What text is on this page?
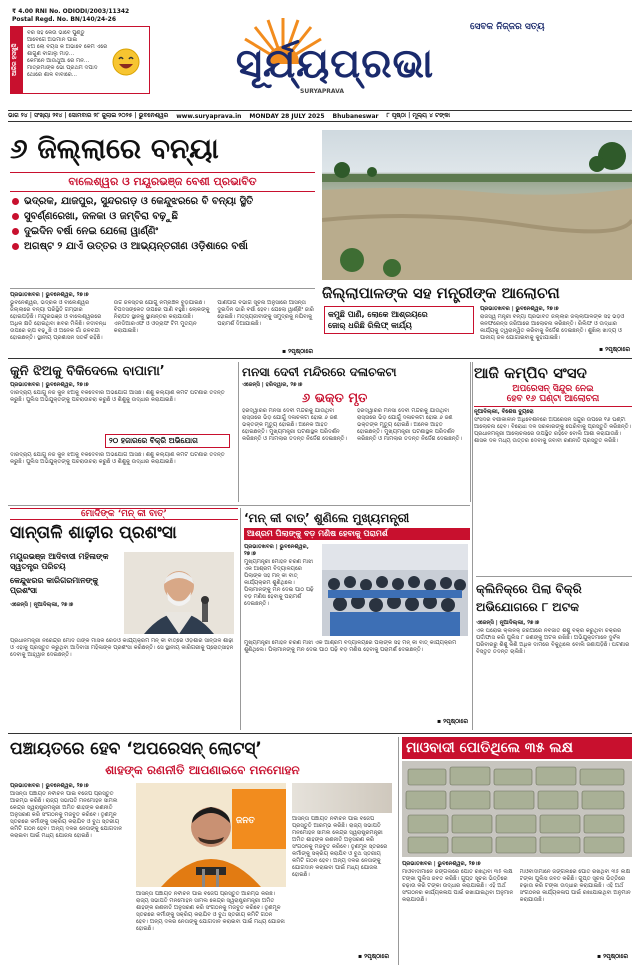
₹ 4.00 RNI No. ODIODI/2003/11342
Postal Regd. No. BN/140/24-26
ଆଜିର ହସଖୁସି
ବର ସହ କେଉଁ ଭାବେ ପୁଣ୍ଡୁ
ଆବେଗେ ଅଭିମାନ ପାଇ
ଝିଅ ଲୋ ବୟସ କି ଅଭାବେ କେମ ଏରେ
ଶାଗୁଣି ବାଗାଲୁ ମାଡ଼ି...
କେମନେ ଆଉଥୁଆ ରେ ମନ...
ମାତ୍ରିମାଙ୍କ ଭୋ ପ୍ରଥମ ଦିପାଦ
ଥୋରେ ଶାଳି ବାବାରେ...	ସୂର୍ଯ୍ୟପ୍ରଭା
SURYAPRAVA
ସେବକ ନିଜ୍ଜର ସତ୍ୟ
ଭାଗ ୨୪ | ସଂଖ୍ୟା ୨୧୪ | ସୋମବାର ୨୮ ଜୁଲାଇ ୨୦୨୫ | ଭୁବନେଶ୍ୱର www.suryaprava.in MONDAY 28 JULY 2025 Bhubaneswar ୮ ପୃଷ୍ଠା | ମୂଲ୍ୟ ୪ ଟଙ୍କା
୬ ଜିଲ୍ଲାରେ ବନ୍ୟା
ବାଲେଶ୍ୱର ଓ ମୟୂରଭଞ୍ଜ ବେଶୀ ପ୍ରଭାବିତ
ଭଦ୍ରକ, ଯାଜପୁର, ସୁନ୍ଦରଗଡ଼ ଓ କେନ୍ଦୁଝରରେ ବି ବନ୍ୟା ସ୍ଥିତି
ସୁବର୍ଣ୍ଣରେଖା, ଜଳକା ଓ ଜମ୍ବିରା ବଢ଼ୁଛି
ଦୁଇଦିନ ବର୍ଷା ନେଇ ଯେଲୋ ୱାର୍ଣ୍ଣିଂ
ଅଗଷ୍ଟ ୨ ଯାଏଁ ଉତ୍ତର ଓ ଆଭ୍ୟନ୍ତରୀଣ ଓଡ଼ିଶାରେ ବର୍ଷା
ପ୍ରଭାତଖବର | ଭୁବନେଶ୍ୱର, ୨୭।୭
ଭୁବନେଶ୍ୱର, ଭଦ୍ରକ ଓ ବାଲେଶ୍ୱର ଜିଲ୍ଲାରେ ବନ୍ୟା ପରିସ୍ଥିତି ଗମ୍ଭୀର ହୋଇପଡ଼ିଛି। ମୟୂରଭଞ୍ଜ ଓ ବାଲେଶ୍ୱରରେ ଅଧିକ କ୍ଷତି ହୋଇଥିବା ଖବର ମିଳିଛି। ନଦୀବନ୍ଧ ଉପରେ ଚାପ ବଢ଼ୁଛି ଓ ଅନେକ ଗାଁ ଜଳବନ୍ଦୀ ହୋଇଛନ୍ତି। ସ୍ଥାନୀୟ ପ୍ରଶାସନ ସତର୍କ ରହିଛି।
ଉଚ୍ଚ ଜଳସ୍ତର ଯୋଗୁଁ ନିମ୍ନାଞ୍ଚଳ ବୁଡ଼ିଯାଇଛି। ବିପଦସଙ୍କେତ ଉପରେ ପାଣି ବହୁଛି। ଲୋକଙ୍କୁ ନିରାପଦ ସ୍ଥାନକୁ ସ୍ଥାନାନ୍ତର କରାଯାଉଛି। ଏନଡିଆରଏଫ ଓ ଓଡ୍ରାଫ ଟିମ ମୁତୟନ କରାଯାଇଛି।
ପାଣିପାଗ ବିଭାଗ ସୂଚନା ଅନୁସାରେ ଆସନ୍ତା ଦୁଇଦିନ ଭାରି ବର୍ଷା ହେବ। ଯେଲୋ ୱାର୍ଣ୍ଣିଂ ଜାରି ହୋଇଛି। ମତ୍ସ୍ୟଜୀବୀଙ୍କୁ ସମୁଦ୍ରକୁ ନଯିବାକୁ ପରାମର୍ଶ ଦିଆଯାଇଛି।
▪ ୨ପୃଷ୍ଠାରେ
ଜିଲ୍ଲାପାଳଙ୍କ ସହ ମନ୍ତ୍ରୀଙ୍କ ଆଲୋଚନା
କମୁଛି ପାଣି, ଲୋକେ ଆଶ୍ରୟରେ
ଜୋର୍ ଧରିଛି ରିଲିଫ୍ କାର୍ଯ୍ୟ
ପ୍ରଭାତଖବର | ଭୁବନେଶ୍ୱର, ୨୭।୭
ରାଜସ୍ୱ ମନ୍ତ୍ରୀ ବନ୍ୟା ପ୍ରଭାବିତ ଜିଲ୍ଲାର ଜିଲ୍ଲାପାଳଙ୍କ ସହ ଭିଡ଼ିଓ କନଫରେନ୍ସ ଜରିଆରେ ଆଲୋଚନା କରିଛନ୍ତି। ରିଲିଫ ଓ ଉଦ୍ଧାର କାର୍ଯ୍ୟକୁ ତ୍ୱରାନ୍ୱିତ କରିବାକୁ ନିର୍ଦ୍ଦେଶ ଦେଇଛନ୍ତି। ଶୁଖିଲା ଖାଦ୍ୟ ଓ ପାନୀୟ ଜଳ ଯୋଗାଇବାକୁ କୁହାଯାଇଛି।
▪ ୨ପୃଷ୍ଠାରେ
କୁନି ଝିଅକୁ ବିକିଦେଲେ ବାପାମା’
ପ୍ରଭାତଖବର | ଭୁବନେଶ୍ୱର, ୨୭।୭
ଦାରିଦ୍ର୍ୟ ଯୋଗୁଁ ନିଜ କୁନି ଝିଅକୁ ବିକିଦେବାର ଅଭିଯୋଗ ଆସିଛି। ଶିଶୁ କଲ୍ୟାଣ କମିଟି ଘଟଣାର ତଦନ୍ତ କରୁଛି। ପୁଲିସ ଅଭିଯୁକ୍ତଙ୍କୁ ପଚରାଉଚରା କରୁଛି ଓ ଶିଶୁକୁ ଉଦ୍ଧାର କରାଯାଇଛି।
୨୦ ହଜାରରେ ବିକ୍ରି ଅଭିଯୋଗ
ଦାରିଦ୍ର୍ୟ ଯୋଗୁଁ ନିଜ କୁନି ଝିଅକୁ ବିକିଦେବାର ଅଭିଯୋଗ ଆସିଛି। ଶିଶୁ କଲ୍ୟାଣ କମିଟି ଘଟଣାର ତଦନ୍ତ କରୁଛି। ପୁଲିସ ଅଭିଯୁକ୍ତଙ୍କୁ ପଚରାଉଚରା କରୁଛି ଓ ଶିଶୁକୁ ଉଦ୍ଧାର କରାଯାଇଛି।
ମନସା ଦେବୀ ମନ୍ଦିରରେ ଦଳାଚକଟା
ଏଜେନ୍ସି | ହରିଦ୍ୱାର, ୨୭।୭
୬ ଭକ୍ତ ମୃତ
ହରିଦ୍ୱାରର ମନସା ଦେବୀ ମନ୍ଦିରକୁ ଯାଉଥିବା ରାସ୍ତାରେ ଭିଡ଼ ଯୋଗୁଁ ଦଳାଚକଟା ହୋଇ ୬ ଜଣ ଭକ୍ତଙ୍କ ମୃତ୍ୟୁ ହୋଇଛି। ଅନେକ ଆହତ ହୋଇଛନ୍ତି। ମୁଖ୍ୟମନ୍ତ୍ରୀ ଘଟଣାସ୍ଥଳ ପରିଦର୍ଶନ କରିଛନ୍ତି ଓ ମାମଲାର ତଦନ୍ତ ନିର୍ଦ୍ଦେଶ ଦେଇଛନ୍ତି।
ହରିଦ୍ୱାରର ମନସା ଦେବୀ ମନ୍ଦିରକୁ ଯାଉଥିବା ରାସ୍ତାରେ ଭିଡ଼ ଯୋଗୁଁ ଦଳାଚକଟା ହୋଇ ୬ ଜଣ ଭକ୍ତଙ୍କ ମୃତ୍ୟୁ ହୋଇଛି। ଅନେକ ଆହତ ହୋଇଛନ୍ତି। ମୁଖ୍ୟମନ୍ତ୍ରୀ ଘଟଣାସ୍ଥଳ ପରିଦର୍ଶନ କରିଛନ୍ତି ଓ ମାମଲାର ତଦନ୍ତ ନିର୍ଦ୍ଦେଶ ଦେଇଛନ୍ତି।
ଆଜି କମ୍ପିବ ସଂସଦ
ଅପରେସନ୍ ସିନ୍ଦୁର ନେଇ
ହେବ ୧୬ ଘଣ୍ଟା ଆଲୋଚନା
ନୂଆଦିଲ୍ଲୀ, ବିଶେଷ ବ୍ୟୁରୋ
ସଂସଦର ବର୍ଷାକାଳୀନ ଅଧିବେଶନରେ ଅପରେସନ ସିନ୍ଦୁର ଉପରେ ୧୬ ଘଣ୍ଟା ଆଲୋଚନା ହେବ। ବିରୋଧୀ ଦଳ ସରକାରଙ୍କୁ ଘେରିବାକୁ ପ୍ରସ୍ତୁତି କରିଛନ୍ତି। ପ୍ରଧାନମନ୍ତ୍ରୀ ଆଲୋଚନାରେ ଉପସ୍ଥିତ ରହିବେ ବୋଲି ଆଶା କରାଯାଉଛି। ଶାସକ ଦଳ ମଧ୍ୟ ଉତ୍ତର ଦେବାକୁ ଜବାବୀ ରଣନୀତି ପ୍ରସ୍ତୁତ କରିଛି।
ମୋଦିଙ୍କ ‘ମନ୍ କୀ ବାତ୍’
ସାନ୍ତାଳି ଶାଢ଼ୀର ପ୍ରଶଂସା
ମୟୂରଭଞ୍ଜ ଆଦିବାସୀ ମହିଳାଙ୍କ ସ୍ୱତନ୍ତ୍ର ପରିଚୟ
କେନ୍ଦୁଝରର କାରିଗରମାନଙ୍କୁ ପ୍ରଶଂସା
ଏଜେନ୍ସି | ନୂଆଦିଲ୍ଲୀ, ୨୭।୭
ପ୍ରଧାନମନ୍ତ୍ରୀ ନରେନ୍ଦ୍ର ମୋଦି ତାଙ୍କ ମାସିକ ରେଡିଓ କାର୍ଯ୍ୟକ୍ରମ ମନ୍ କୀ ବାତ୍‌ରେ ଓଡ଼ିଶାର ସାନ୍ତାଳି ଶାଢ଼ୀ ଓ ଏହାକୁ ପ୍ରସ୍ତୁତ କରୁଥିବା ଆଦିବାସୀ ମହିଳାଙ୍କ ପ୍ରଶଂସା କରିଛନ୍ତି। ସେ ସ୍ଥାନୀୟ କାରିଗରୀକୁ ପ୍ରୋତ୍ସାହନ ଦେବାକୁ ଆହ୍ୱାନ ଦେଇଛନ୍ତି।
‘ମନ୍ କୀ ବାତ୍’ ଶୁଣିଲେ ମୁଖ୍ୟମନ୍ତ୍ରୀ
ଆଶ୍ରମ ପିଲାଙ୍କୁ ବଡ଼ ମଣିଷ ହେବାକୁ ପରାମର୍ଶ
ପ୍ରଭାତଖବର | ଭୁବନେଶ୍ୱର, ୨୭।୭
ମୁଖ୍ୟମନ୍ତ୍ରୀ ମୋହନ ଚରଣ ମାଝୀ ଏକ ଆଶ୍ରମ ବିଦ୍ୟାଳୟରେ ପିଲାଙ୍କ ସହ ମନ୍ କୀ ବାତ୍ କାର୍ଯ୍ୟକ୍ରମ ଶୁଣିଥିଲେ। ପିଲାମାନଙ୍କୁ ମନ ଦେଇ ପାଠ ପଢ଼ି ବଡ଼ ମଣିଷ ହେବାକୁ ପରାମର୍ଶ ଦେଇଛନ୍ତି।
ମୁଖ୍ୟମନ୍ତ୍ରୀ ମୋହନ ଚରଣ ମାଝୀ ଏକ ଆଶ୍ରମ ବିଦ୍ୟାଳୟରେ ପିଲାଙ୍କ ସହ ମନ୍ କୀ ବାତ୍ କାର୍ଯ୍ୟକ୍ରମ ଶୁଣିଥିଲେ। ପିଲାମାନଙ୍କୁ ମନ ଦେଇ ପାଠ ପଢ଼ି ବଡ଼ ମଣିଷ ହେବାକୁ ପରାମର୍ଶ ଦେଇଛନ୍ତି।
▪ ୨ପୃଷ୍ଠାରେ
କ୍ଲିନିକ୍‌ରେ ପିଲା ବିକ୍ରି ଅଭିଯୋଗରେ ୮ ଅଟକ
ଏଜେନ୍ସି | ନୂଆଦିଲ୍ଲୀ, ୨୭।୭
ଏକ ଘରୋଇ କ୍ଲିନିକ୍ ଜରିଆରେ ନବଜାତ ଶିଶୁ ବିକ୍ରି କରୁଥିବା ଚକ୍ରର ପର୍ଦ୍ଦାଫାସ କରି ପୁଲିସ ୮ ଜଣଙ୍କୁ ଅଟକ ରଖିଛି। ଅଭିଯୁକ୍ତମାନେ ଦୁର୍ବଳ ପରିବାରରୁ ଶିଶୁ କିଣି ଅଧିକ ଦାମରେ ବିକୁଥିଲେ ବୋଲି ଜଣାପଡ଼ିଛି। ଘଟଣାର ବିସ୍ତୃତ ତଦନ୍ତ ଚାଲିଛି।
ପଞ୍ଚାୟତରେ ହେବ ‘ଅପରେସନ୍ ଲୋଟସ୍’
ଶାହଙ୍କ ରଣନୀତି ଆପଣାଇବେ ମନମୋହନ
ପ୍ରଭାତଖବର | ଭୁବନେଶ୍ୱର, ୨୭।୭
ଆସନ୍ତା ପଞ୍ଚାୟତ ନିର୍ବାଚନ ପାଇଁ ବିଜେପି ପ୍ରସ୍ତୁତି ଆରମ୍ଭ କରିଛି। ରାଜ୍ୟ ସଭାପତି ମନମୋହନ ସାମଲ କେନ୍ଦ୍ର ସ୍ୱରାଷ୍ଟ୍ରମନ୍ତ୍ରୀ ଅମିତ ଶାହଙ୍କ ରଣନୀତି ଅନୁସରଣ କରି ସଂଗଠନକୁ ମଜବୁତ କରିବେ। ତୃଣମୂଳ ସ୍ତରରେ କର୍ମୀଙ୍କୁ ସକ୍ରିୟ କରାଯିବ ଓ ବୁଥ ସ୍ତରୀୟ କମିଟି ଗଠନ ହେବ। ଅନ୍ୟ ଦଳର ନେତାଙ୍କୁ ଯୋଗଦାନ କରାଇବା ପାଇଁ ମଧ୍ୟ ଯୋଜନା ହୋଇଛି।
ଜନତ
ଆସନ୍ତା ପଞ୍ଚାୟତ ନିର୍ବାଚନ ପାଇଁ ବିଜେପି ପ୍ରସ୍ତୁତି ଆରମ୍ଭ କରିଛି। ରାଜ୍ୟ ସଭାପତି ମନମୋହନ ସାମଲ କେନ୍ଦ୍ର ସ୍ୱରାଷ୍ଟ୍ରମନ୍ତ୍ରୀ ଅମିତ ଶାହଙ୍କ ରଣନୀତି ଅନୁସରଣ କରି ସଂଗଠନକୁ ମଜବୁତ କରିବେ। ତୃଣମୂଳ ସ୍ତରରେ କର୍ମୀଙ୍କୁ ସକ୍ରିୟ କରାଯିବ ଓ ବୁଥ ସ୍ତରୀୟ କମିଟି ଗଠନ ହେବ। ଅନ୍ୟ ଦଳର ନେତାଙ୍କୁ ଯୋଗଦାନ କରାଇବା ପାଇଁ ମଧ୍ୟ ଯୋଜନା ହୋଇଛି।
ଆସନ୍ତା ପଞ୍ଚାୟତ ନିର୍ବାଚନ ପାଇଁ ବିଜେପି ପ୍ରସ୍ତୁତି ଆରମ୍ଭ କରିଛି। ରାଜ୍ୟ ସଭାପତି ମନମୋହନ ସାମଲ କେନ୍ଦ୍ର ସ୍ୱରାଷ୍ଟ୍ରମନ୍ତ୍ରୀ ଅମିତ ଶାହଙ୍କ ରଣନୀତି ଅନୁସରଣ କରି ସଂଗଠନକୁ ମଜବୁତ କରିବେ। ତୃଣମୂଳ ସ୍ତରରେ କର୍ମୀଙ୍କୁ ସକ୍ରିୟ କରାଯିବ ଓ ବୁଥ ସ୍ତରୀୟ କମିଟି ଗଠନ ହେବ। ଅନ୍ୟ ଦଳର ନେତାଙ୍କୁ ଯୋଗଦାନ କରାଇବା ପାଇଁ ମଧ୍ୟ ଯୋଜନା ହୋଇଛି।
▪ ୨ପୃଷ୍ଠାରେ
ମାଓବାଦୀ ପୋତିଥିଲେ ୩୫ ଲକ୍ଷ
ପ୍ରଭାତଖବର | ଭୁବନେଶ୍ୱର, ୨୭।୭
ମାଓବାଦୀମାନେ ଜଙ୍ଗଲରେ ପୋତି ରଖିଥିବା ୩୫ ଲକ୍ଷ ଟଙ୍କା ପୁଲିସ ଜବତ କରିଛି। ଗୁପ୍ତ ସୂଚନା ଭିତ୍ତିରେ ଚଢ଼ାଉ କରି ଟଙ୍କା ଉଦ୍ଧାର କରାଯାଇଛି। ଏହି ଅର୍ଥ ସଂଗଠନର କାର୍ଯ୍ୟକଳାପ ପାଇଁ ରଖାଯାଇଥିବା ଅନୁମାନ କରାଯାଉଛି।
ମାଓବାଦୀମାନେ ଜଙ୍ଗଲରେ ପୋତି ରଖିଥିବା ୩୫ ଲକ୍ଷ ଟଙ୍କା ପୁଲିସ ଜବତ କରିଛି। ଗୁପ୍ତ ସୂଚନା ଭିତ୍ତିରେ ଚଢ଼ାଉ କରି ଟଙ୍କା ଉଦ୍ଧାର କରାଯାଇଛି। ଏହି ଅର୍ଥ ସଂଗଠନର କାର୍ଯ୍ୟକଳାପ ପାଇଁ ରଖାଯାଇଥିବା ଅନୁମାନ କରାଯାଉଛି।
▪ ୨ପୃଷ୍ଠାରେ
